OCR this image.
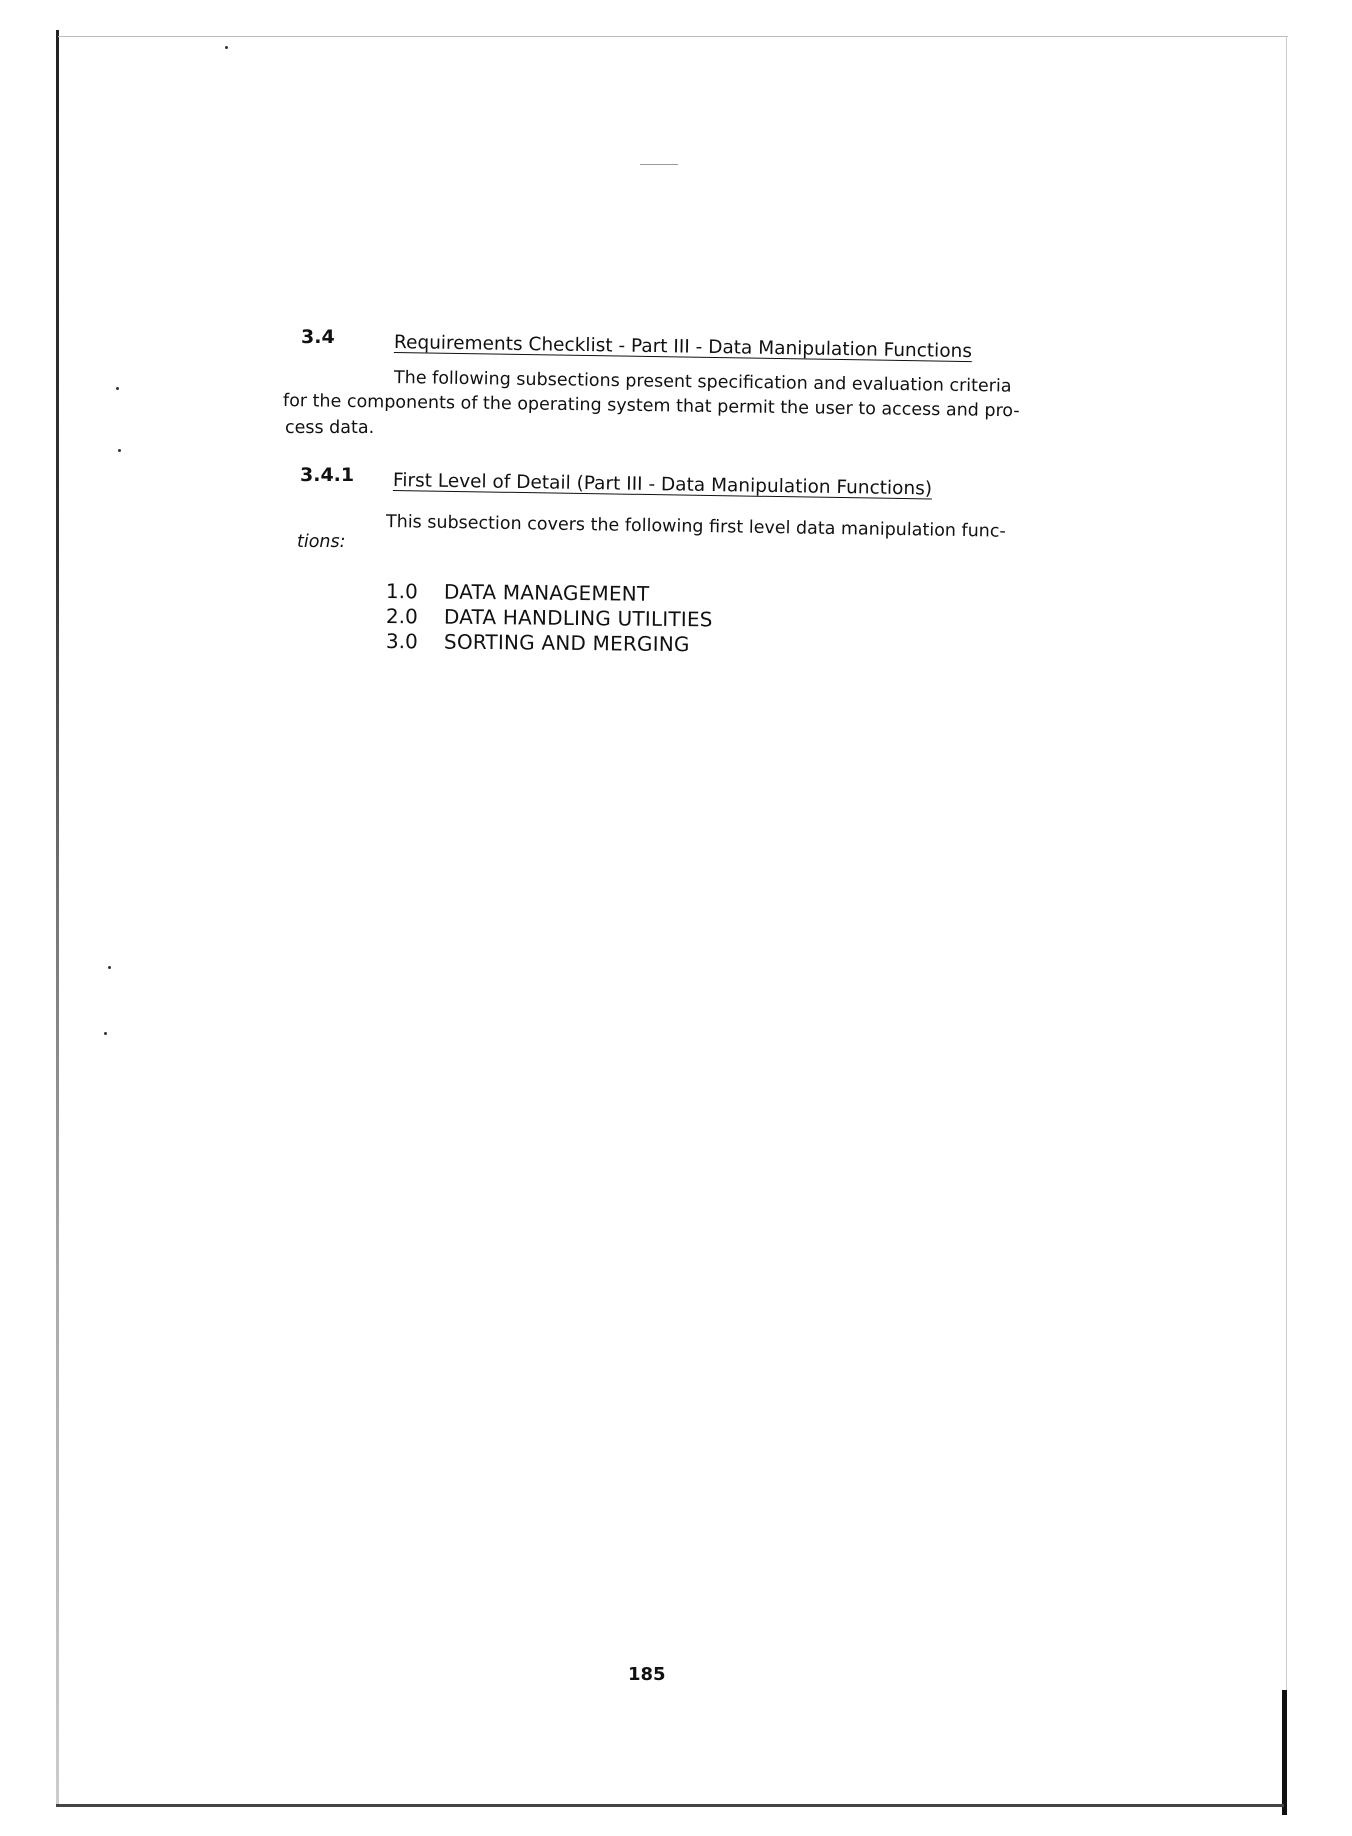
3.4	Requirements Checklist - Part III - Data Manipulation Functions
The following subsections present specification and evaluation criteria
for the components of the operating system that permit the user to access and pro-
cess data.
3.4.1 First Level of Detail (Part III - Data Manipulation Functions)
This subsection covers the following first level data manipulation func-
tions:
1.0 DATA MANAGEMENT
2.0 DATA HANDLING UTILITIES
3.0 SORTING AND MERGING
185
